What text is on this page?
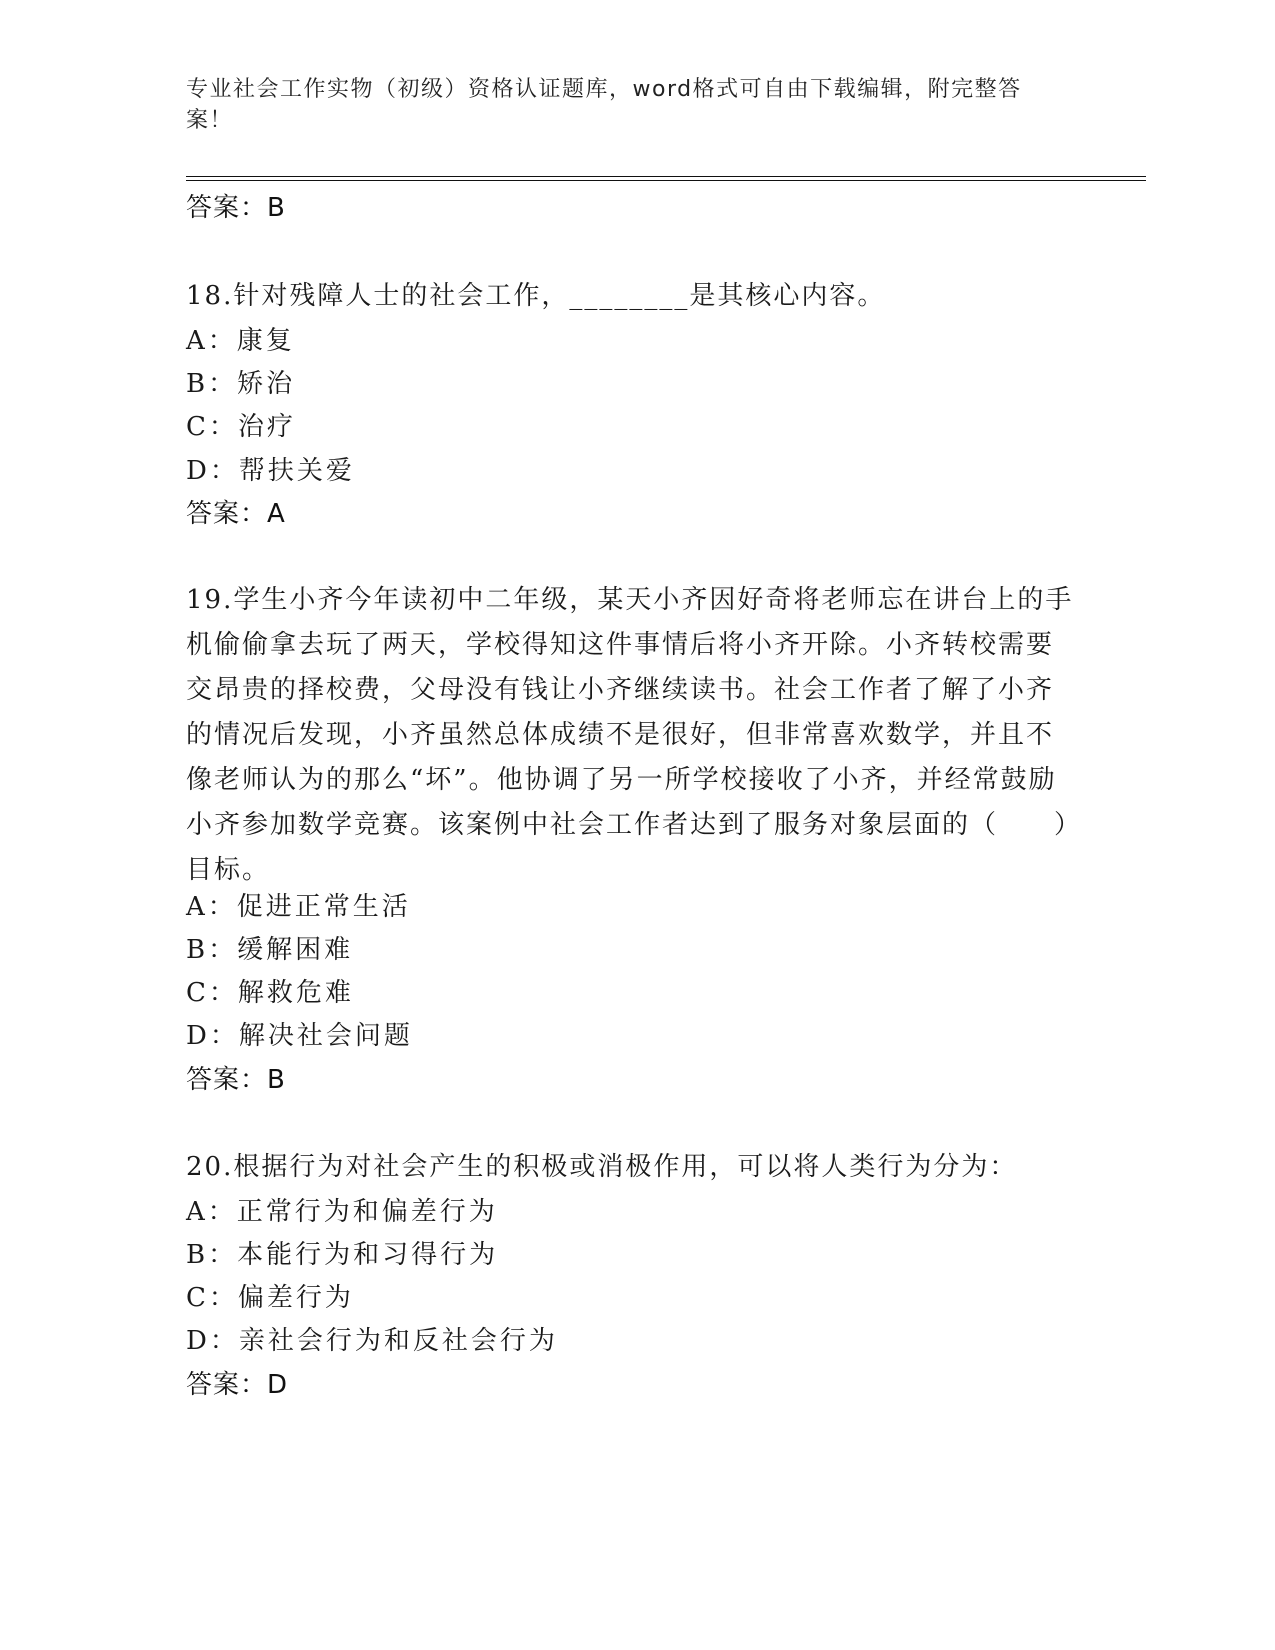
专业社会工作实物（初级）资格认证题库，word格式可自由下载编辑，附完整答案！
答案：B
18.针对残障人士的社会工作，________是其核心内容。
A：康复
B：矫治
C：治疗
D：帮扶关爱
答案：A
19.学生小齐今年读初中二年级，某天小齐因好奇将老师忘在讲台上的手机偷偷拿去玩了两天，学校得知这件事情后将小齐开除。小齐转校需要交昂贵的择校费，父母没有钱让小齐继续读书。社会工作者了解了小齐的情况后发现，小齐虽然总体成绩不是很好，但非常喜欢数学，并且不像老师认为的那么“坏”。他协调了另一所学校接收了小齐，并经常鼓励小齐参加数学竞赛。该案例中社会工作者达到了服务对象层面的（　　）目标。
A：促进正常生活
B：缓解困难
C：解救危难
D：解决社会问题
答案：B
20.根据行为对社会产生的积极或消极作用，可以将人类行为分为：
A：正常行为和偏差行为
B：本能行为和习得行为
C：偏差行为
D：亲社会行为和反社会行为
答案：D
